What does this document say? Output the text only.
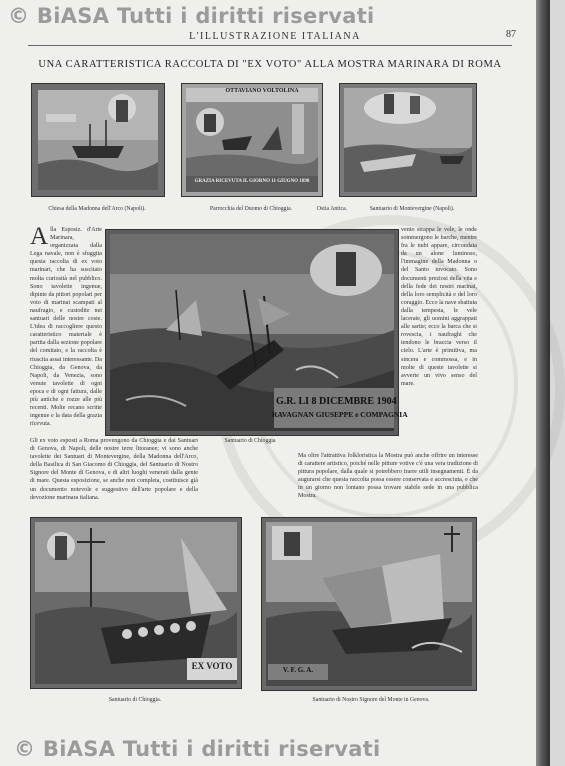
© BiASA Tutti i diritti riservati
L'ILLUSTRAZIONE ITALIANA	87
UNA CARATTERISTICA RACCOLTA DI "EX VOTO" ALLA MOSTRA MARINARA DI ROMA
Chiesa della Madonna dell'Arco (Napoli).
OTTAVIANO VOLTOLINA
GRAZIA RICEVUTA IL GIORNO 11 GIUGNO 1898
Parrocchia del Duomo di Chioggia.	Ostia Antica.	Santuario di Montevergine (Napoli).
A lla Esposiz. d'Arte Marinara, organizzata dalla Lega navale, non è sfuggita questa raccolta di ex voto marinari, che ha suscitato molta curiosità nel pubblico. Sono tavolette ingenue, dipinte da pittori popolari per voto di marinai scampati al naufragio, e custodite nei santuari delle nostre coste. L'idea di raccogliere questo caratteristico materiale è partita dalla sezione popolare del comitato, e la raccolta è riuscita assai interessante. Da Chioggia, da Genova, da Napoli, da Venezia, sono venute tavolette di ogni epoca e di ogni fattura, dalle più antiche e rozze alle più recenti. Molte recano scritte ingenue e la data della grazia ricevuta.
G.R. LI 8 DICEMBRE 1904
RAVAGNAN GIUSEPPE e COMPAGNIA
Santuario di Chioggia
vento strappa le vele, le onde sommergono le barche, mentre fra le nubi appare, circondata da un alone luminoso, l'immagine della Madonna o del Santo invocato. Sono documenti preziosi della vita e della fede dei nostri marinai, della loro semplicità e del loro coraggio. Ecco la nave sbattuta dalla tempesta, le vele lacerate, gli uomini aggrappati alle sartie; ecco la barca che si rovescia, i naufraghi che tendono le braccia verso il cielo. L'arte è primitiva, ma sincera e commossa, e in molte di queste tavolette si avverte un vivo senso del mare.
Gli ex voto esposti a Roma provengono da Chioggia e dai Santuari di Genova, di Napoli, delle nostre terre litoranee; vi sono anche tavolette dei Santuari di Montevergine, della Madonna dell'Arco, della Basilica di San Giacomo di Chioggia, del Santuario di Nostro Signore del Monte di Genova, e di altri luoghi venerati dalla gente di mare. Questa esposizione, se anche non completa, costituisce già un documento notevole e suggestivo dell'arte popolare e della devozione marinara italiana.
Ma oltre l'attrattiva folkloristica la Mostra può anche offrire un interesse di carattere artistico, poiché nelle pitture votive c'è una vera tradizione di pittura popolare, dalla quale si potrebbero trarre utili insegnamenti. È da augurarsi che questa raccolta possa essere conservata e accresciuta, e che in un giorno non lontano possa trovare stabile sede in una pubblica Mostra.
EX VOTO
Santuario di Chioggia.
V. F. G. A.
Santuario di Nostro Signore del Monte in Genova.
© BiASA Tutti i diritti riservati
